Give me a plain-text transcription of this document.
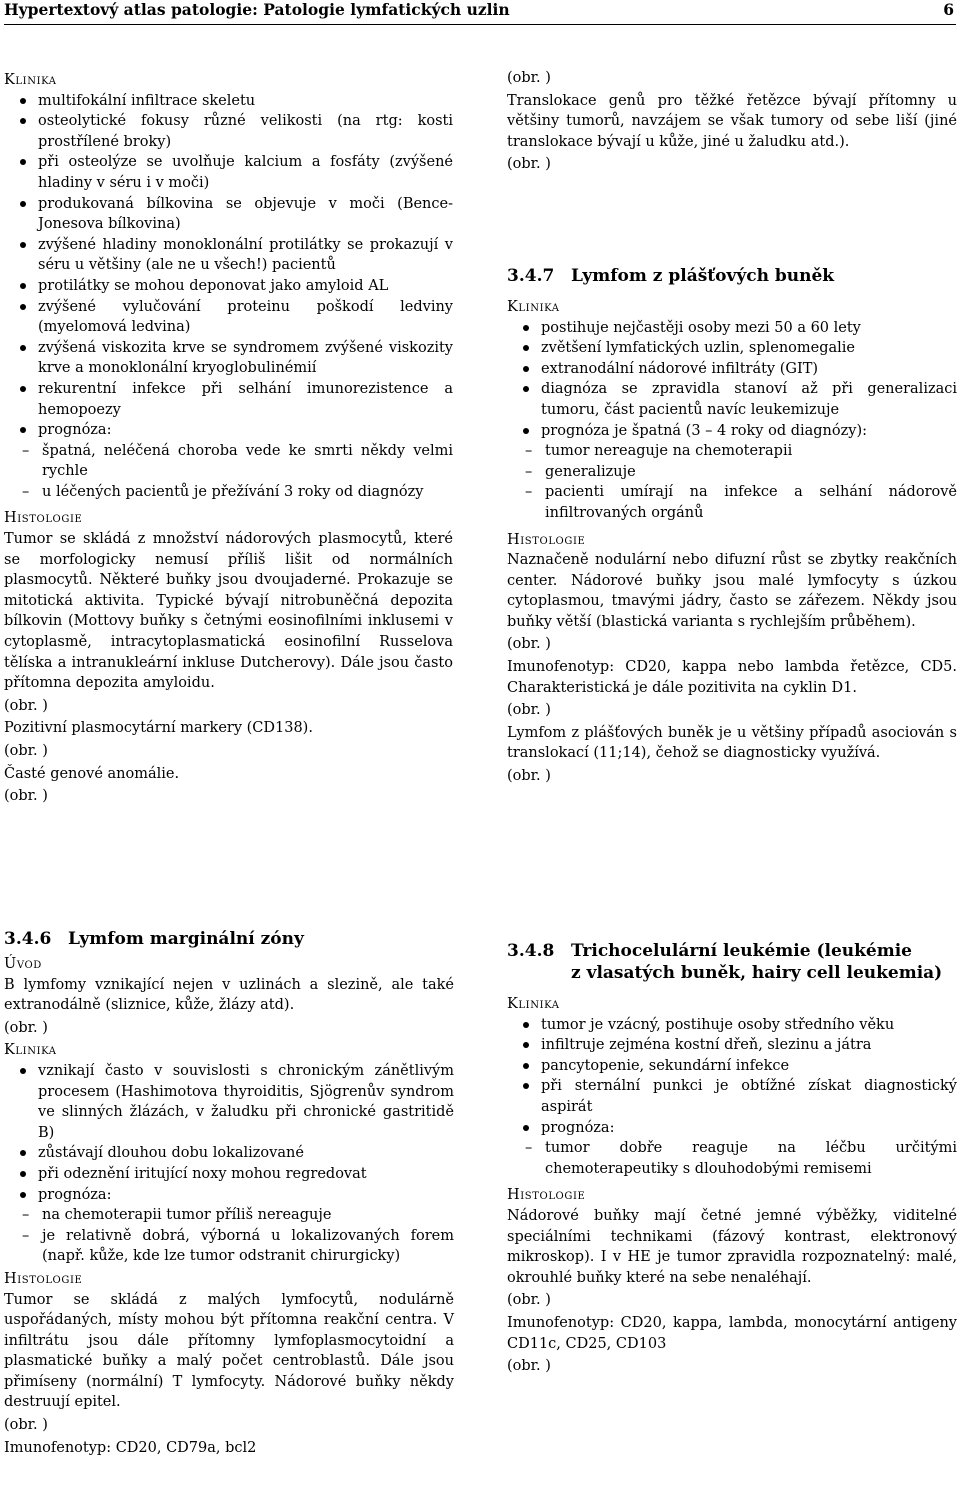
Hypertextový atlas patologie: Patologie lymfatických uzlin	6
Klinika
multifokální infiltrace skeletu
osteolytické fokusy různé velikosti (na rtg: kosti prostřílené broky)
při osteolýze se uvolňuje kalcium a fosfáty (zvýšené hladiny v séru i v moči)
produkovaná bílkovina se objevuje v moči (Bence-Jonesova bílkovina)
zvýšené hladiny monoklonální protilátky se prokazují v séru u většiny (ale ne u všech!) pacientů
protilátky se mohou deponovat jako amyloid AL
zvýšené vylučování proteinu poškodí ledviny (myelomová ledvina)
zvýšená viskozita krve se syndromem zvýšené viskozity krve a monoklonální kryoglobulinémií
rekurentní infekce při selhání imunorezistence a hemopoezy
prognóza:
– špatná, neléčená choroba vede ke smrti někdy velmi rychle
– u léčených pacientů je přežívání 3 roky od diagnózy
Histologie

Tumor se skládá z množství nádorových plasmocytů, které se morfologicky nemusí příliš lišit od normálních plasmocytů. Některé buňky jsou dvoujaderné. Prokazuje se mitotická aktivita. Typické bývají nitrobuněčná depozita bílkovin (Mottovy buňky s četnými eosinofilními inklusemi v cytoplasmě, intracytoplasmatická eosinofilní Russelova tělíska a intranukleární inkluse Dutcherovy). Dále jsou často přítomna depozita amyloidu.

(obr. )

Pozitivní plasmocytární markery (CD138).

(obr. )

Časté genové anomálie.

(obr. )
(obr. )

Translokace genů pro těžké řetězce bývají přítomny u většiny tumorů, navzájem se však tumory od sebe liší (jiné translokace bývají u kůže, jiné u žaludku atd.).

(obr. )
3.4.7 Lymfom z plášťových buněk
Klinika
postihuje nejčastěji osoby mezi 50 a 60 lety
zvětšení lymfatických uzlin, splenomegalie
extranodální nádorové infiltráty (GIT)
diagnóza se zpravidla stanoví až při generalizaci tumoru, část pacientů navíc leukemizuje
prognóza je špatná (3 – 4 roky od diagnózy):
– tumor nereaguje na chemoterapii
– generalizuje
– pacienti umírají na infekce a selhání nádorově infiltrovaných orgánů
Histologie

Naznačeně nodulární nebo difuzní růst se zbytky reakčních center. Nádorové buňky jsou malé lymfocyty s úzkou cytoplasmou, tmavými jádry, často se zářezem. Někdy jsou buňky větší (blastická varianta s rychlejším průběhem).

(obr. )

Imunofenotyp: CD20, kappa nebo lambda řetězce, CD5. Charakteristická je dále pozitivita na cyklin D1.

(obr. )

Lymfom z plášťových buněk je u většiny případů asociován s translokací (11;14), čehož se diagnosticky využívá.

(obr. )
3.4.6 Lymfom marginální zóny
Úvod

B lymfomy vznikající nejen v uzlinách a slezině, ale také extranodálně (sliznice, kůže, žlázy atd).

(obr. )
Klinika
vznikají často v souvislosti s chronickým zánětlivým procesem (Hashimotova thyroiditis, Sjögrenův syndrom ve slinných žlázách, v žaludku při chronické gastritidě B)
zůstávají dlouhou dobu lokalizované
při odeznění iritující noxy mohou regredovat
prognóza:
– na chemoterapii tumor příliš nereaguje
– je relativně dobrá, výborná u lokalizovaných forem (např. kůže, kde lze tumor odstranit chirurgicky)
Histologie

Tumor se skládá z malých lymfocytů, nodulárně uspořádaných, místy mohou být přítomna reakční centra. V infiltrátu jsou dále přítomny lymfoplasmocytoidní a plasmatické buňky a malý počet centroblastů. Dále jsou přimíseny (normální) T lymfocyty. Nádorové buňky někdy destruují epitel.

(obr. )

Imunofenotyp: CD20, CD79a, bcl2

3.4.8 Trichocelulární leukémie (leukémie
z vlasatých buněk, hairy cell leukemia)
Klinika
tumor je vzácný, postihuje osoby středního věku
infiltruje zejména kostní dřeň, slezinu a játra
pancytopenie, sekundární infekce
při sternální punkci je obtížné získat diagnostický aspirát
prognóza:
– tumor dobře reaguje na léčbu určitými chemoterapeutiky s dlouhodobými remisemi
Histologie

Nádorové buňky mají četné jemné výběžky, viditelné speciálními technikami (fázový kontrast, elektronový mikroskop). I v HE je tumor zpravidla rozpoznatelný: malé, okrouhlé buňky které na sebe nenaléhají.

(obr. )

Imunofenotyp: CD20, kappa, lambda, monocytární antigeny CD11c, CD25, CD103

(obr. )
